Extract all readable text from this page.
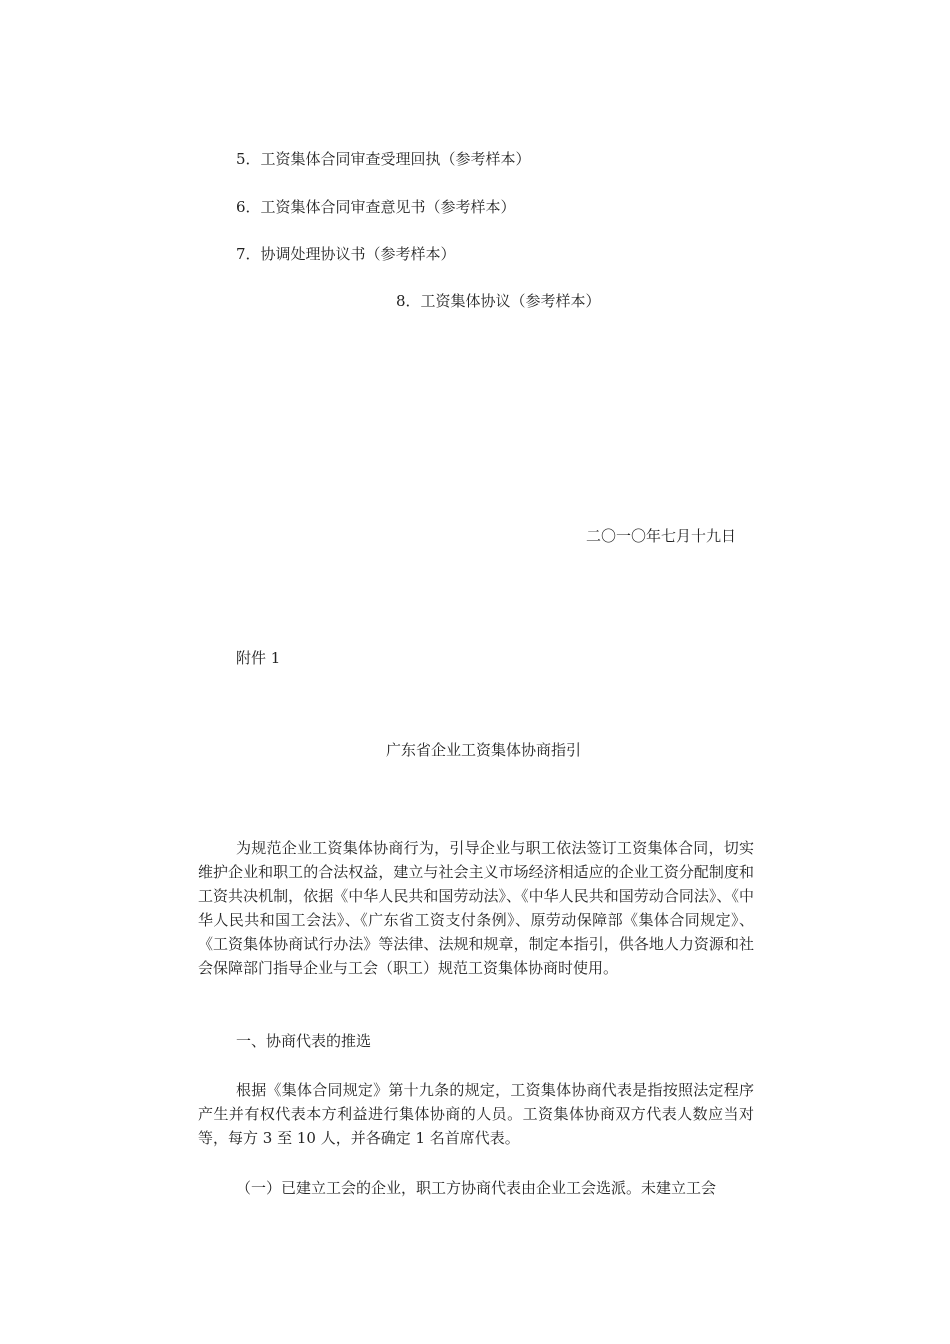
5．工资集体合同审查受理回执（参考样本）
6．工资集体合同审查意见书（参考样本）
7．协调处理协议书（参考样本）
8．工资集体协议（参考样本）
二〇一〇年七月十九日
附件 1
广东省企业工资集体协商指引
为规范企业工资集体协商行为，引导企业与职工依法签订工资集体合同，切实维护企业和职工的合法权益，建立与社会主义市场经济相适应的企业工资分配制度和工资共决机制，依据《中华人民共和国劳动法》、《中华人民共和国劳动合同法》、《中华人民共和国工会法》、《广东省工资支付条例》、原劳动保障部《集体合同规定》、《工资集体协商试行办法》等法律、法规和规章，制定本指引，供各地人力资源和社会保障部门指导企业与工会（职工）规范工资集体协商时使用。
一、协商代表的推选
根据《集体合同规定》第十九条的规定，工资集体协商代表是指按照法定程序产生并有权代表本方利益进行集体协商的人员。工资集体协商双方代表人数应当对等，每方 3 至 10 人，并各确定 1 名首席代表。
（一）已建立工会的企业，职工方协商代表由企业工会选派。未建立工会
